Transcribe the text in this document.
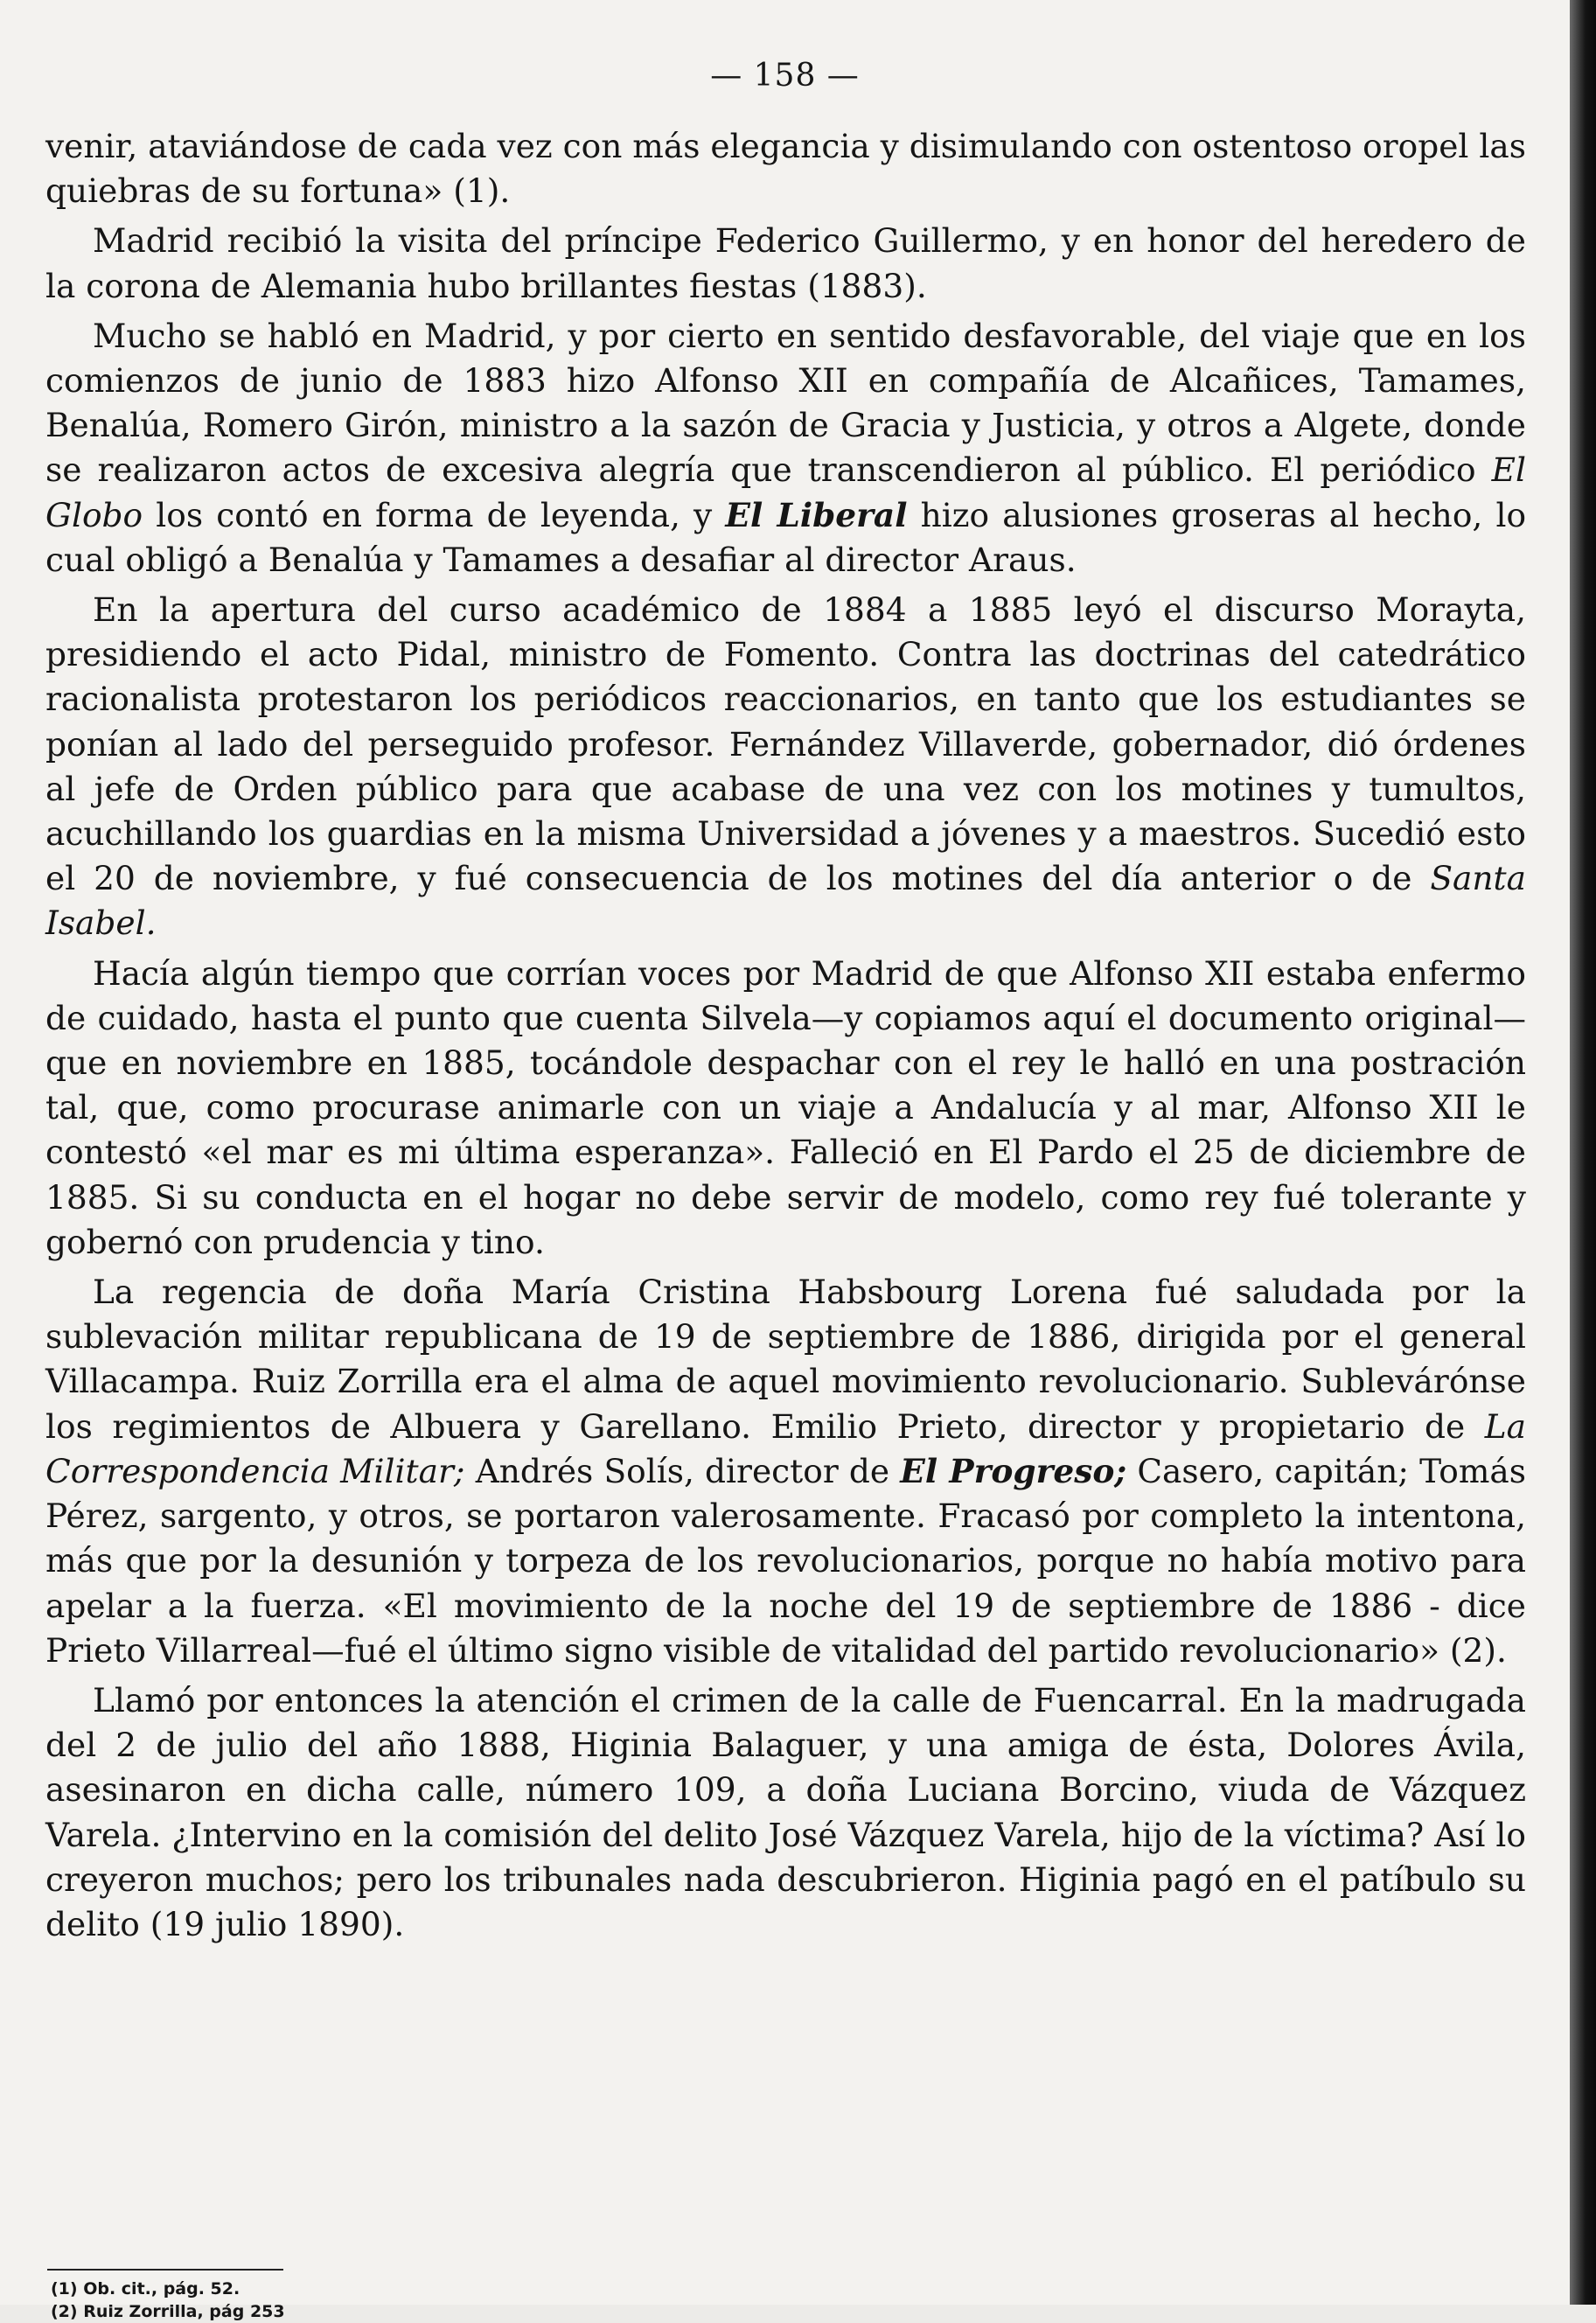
— 158 —

venir, ataviándose de cada vez con más elegancia y disimulando con ostentoso oropel las quiebras de su fortuna» (1).

Madrid recibió la visita del príncipe Federico Guillermo, y en honor del heredero de la corona de Alemania hubo brillantes fiestas (1883).

Mucho se habló en Madrid, y por cierto en sentido desfavorable, del viaje que en los comienzos de junio de 1883 hizo Alfonso XII en compañía de Alcañices, Tamames, Benalúa, Romero Girón, ministro a la sazón de Gracia y Justicia, y otros a Algete, donde se realizaron actos de excesiva alegría que transcendieron al público. El periódico El Globo los contó en forma de leyenda, y El Liberal hizo alusiones groseras al hecho, lo cual obligó a Benalúa y Tamames a desafiar al director Araus.

En la apertura del curso académico de 1884 a 1885 leyó el discurso Morayta, presidiendo el acto Pidal, ministro de Fomento. Contra las doctrinas del catedrático racionalista protestaron los periódicos reaccionarios, en tanto que los estudiantes se ponían al lado del perseguido profesor. Fernández Villaverde, gobernador, dió órdenes al jefe de Orden público para que acabase de una vez con los motines y tumultos, acuchillando los guardias en la misma Universidad a jóvenes y a maestros. Sucedió esto el 20 de noviembre, y fué consecuencia de los motines del día anterior o de Santa Isabel.

Hacía algún tiempo que corrían voces por Madrid de que Alfonso XII estaba enfermo de cuidado, hasta el punto que cuenta Silvela—y copiamos aquí el documento original—que en noviembre en 1885, tocándole despachar con el rey le halló en una postración tal, que, como procurase animarle con un viaje a Andalucía y al mar, Alfonso XII le contestó «el mar es mi última esperanza». Falleció en El Pardo el 25 de diciembre de 1885. Si su conducta en el hogar no debe servir de modelo, como rey fué tolerante y gobernó con prudencia y tino.

La regencia de doña María Cristina Habsbourg Lorena fué saludada por la sublevación militar republicana de 19 de septiembre de 1886, dirigida por el general Villacampa. Ruiz Zorrilla era el alma de aquel movimiento revolucionario. Sublevárónse los regimientos de Albuera y Garellano. Emilio Prieto, director y propietario de La Correspondencia Militar; Andrés Solís, director de El Progreso; Casero, capitán; Tomás Pérez, sargento, y otros, se portaron valerosamente. Fracasó por completo la intentona, más que por la desunión y torpeza de los revolucionarios, porque no había motivo para apelar a la fuerza. «El movimiento de la noche del 19 de septiembre de 1886 - dice Prieto Villarreal—fué el último signo visible de vitalidad del partido revolucionario» (2).

Llamó por entonces la atención el crimen de la calle de Fuencarral. En la madrugada del 2 de julio del año 1888, Higinia Balaguer, y una amiga de ésta, Dolores Ávila, asesinaron en dicha calle, número 109, a doña Luciana Borcino, viuda de Vázquez Varela. ¿Intervino en la comisión del delito José Vázquez Varela, hijo de la víctima? Así lo creyeron muchos; pero los tribunales nada descubrieron. Higinia pagó en el patíbulo su delito (19 julio 1890).

(1) Ob. cit., pág. 52.
(2) Ruiz Zorrilla, pág 253
